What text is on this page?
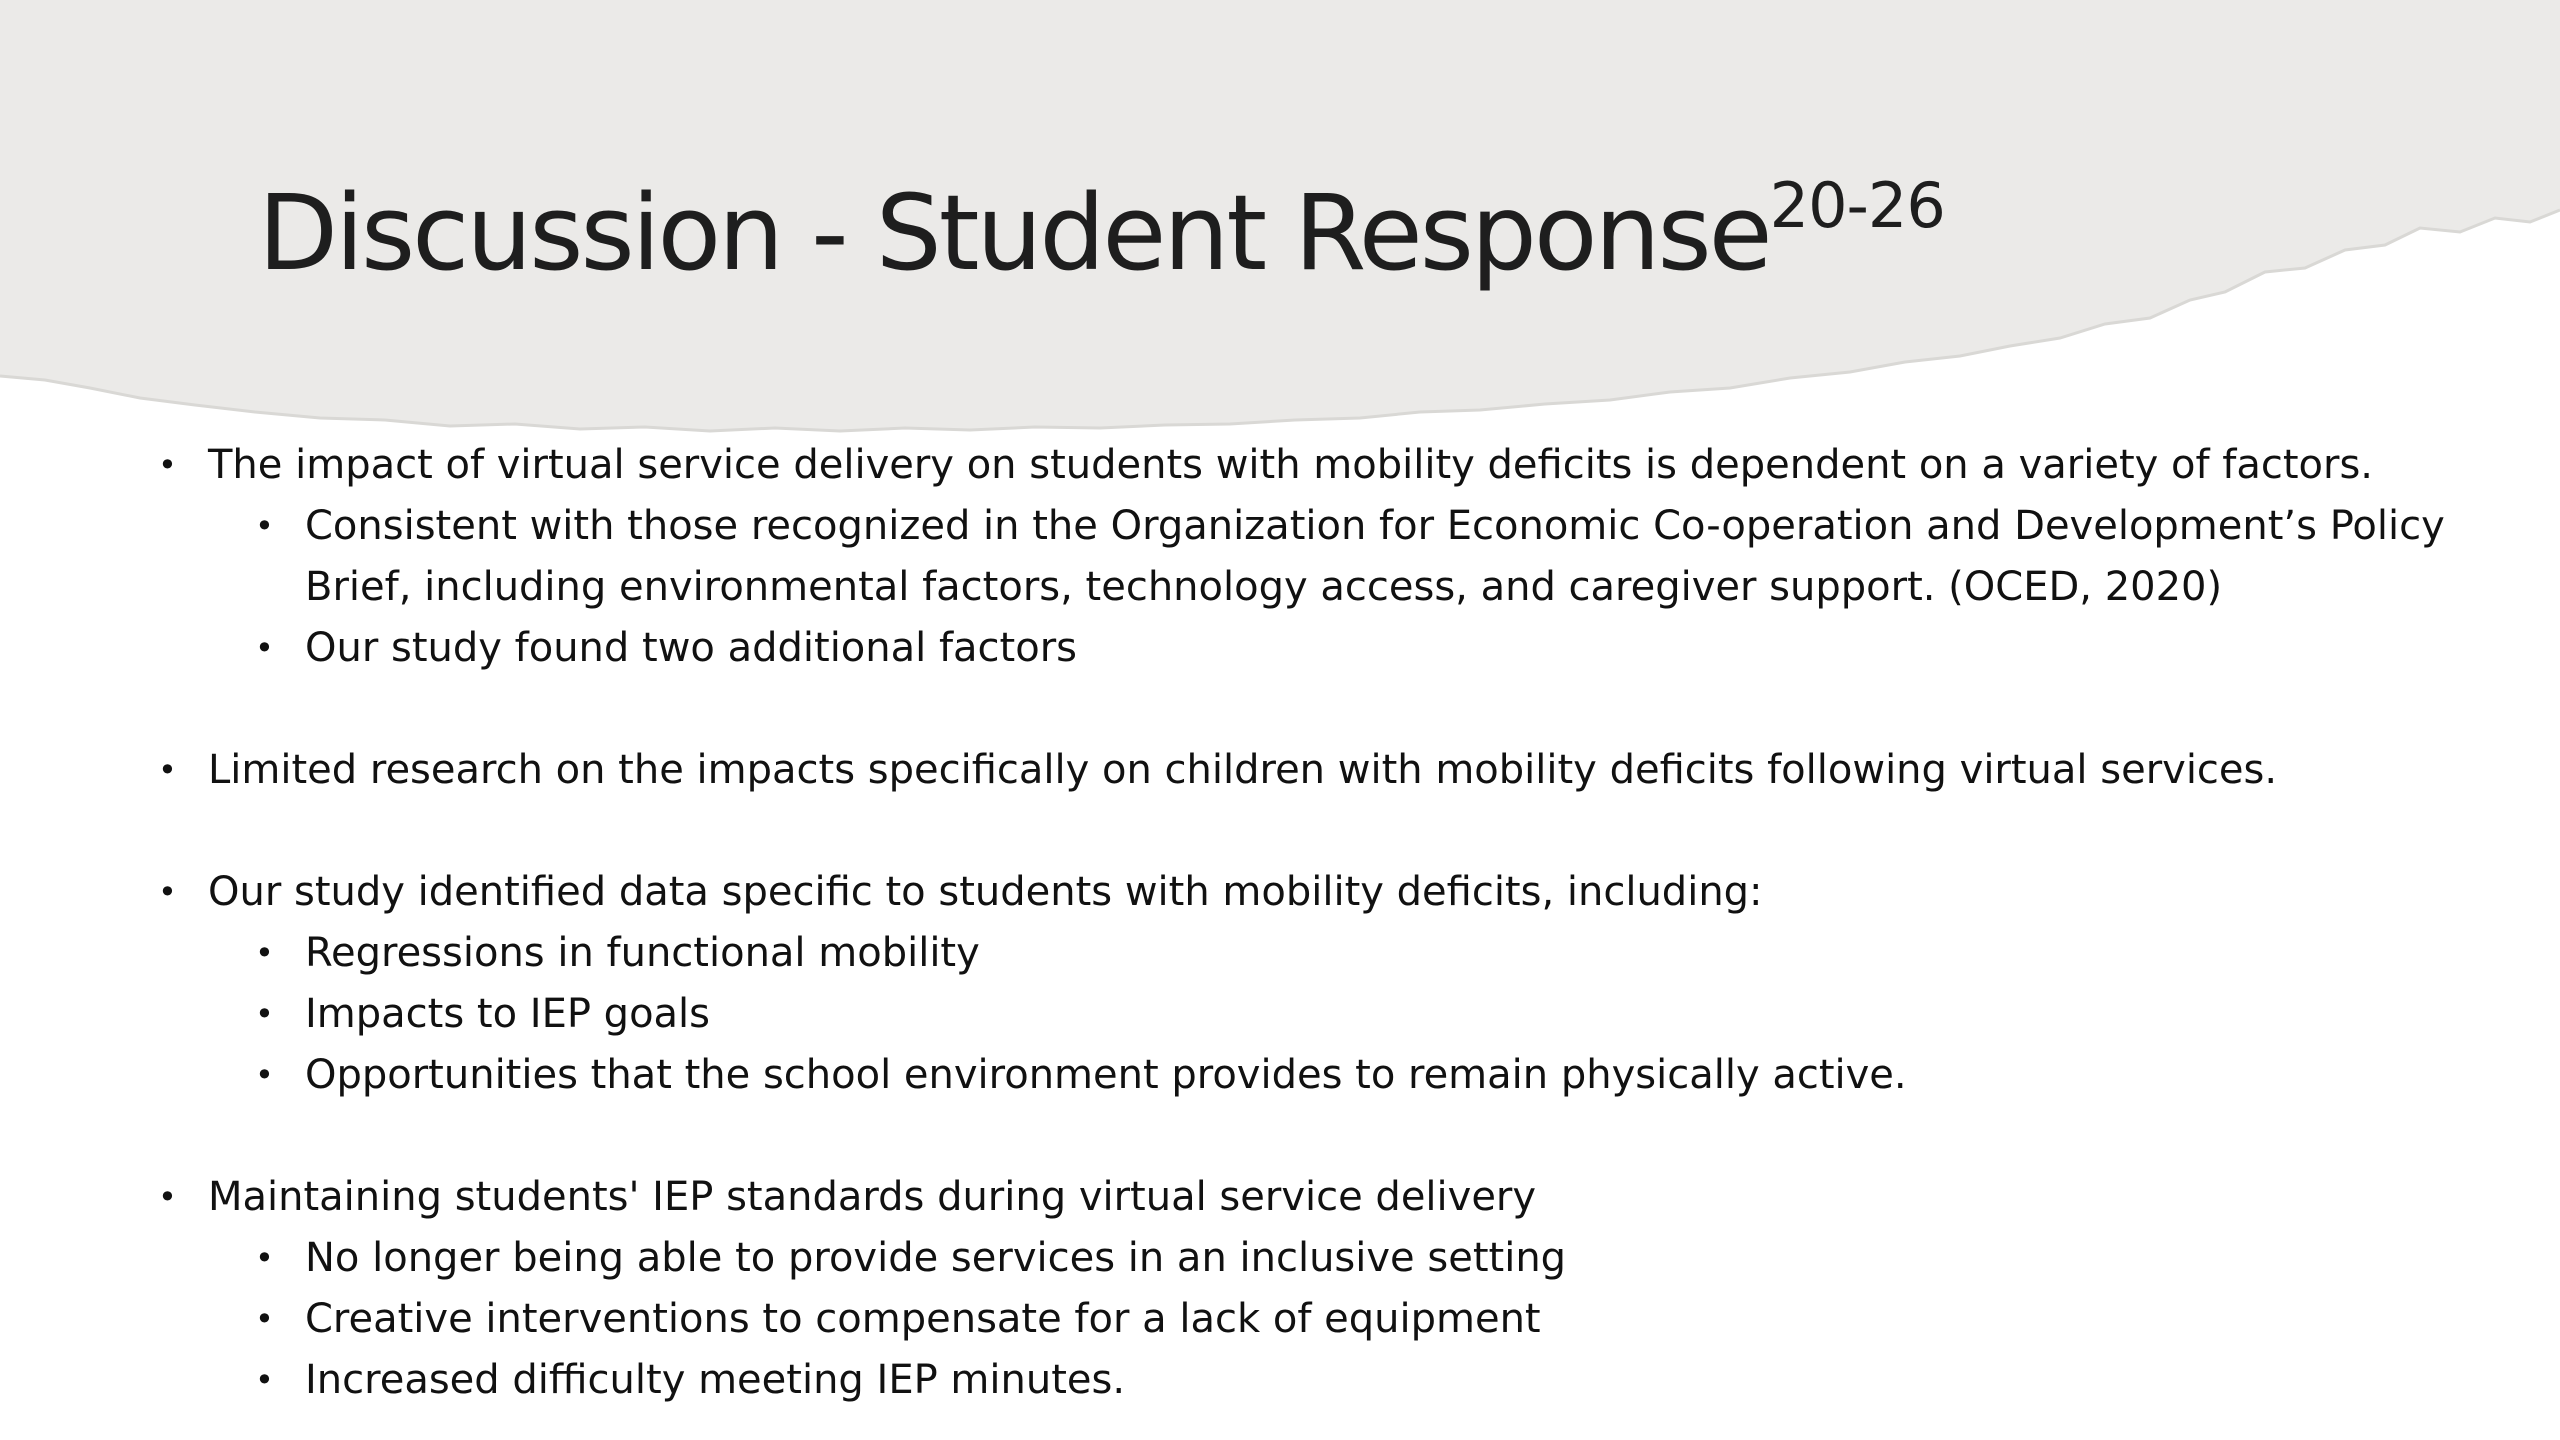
Discussion - Student Response$^{20-26}$
• The impact of virtual service delivery on students with mobility deficits is dependent on a variety of factors.
• Consistent with those recognized in the Organization for Economic Co-operation and Development’s Policy
Brief, including environmental factors, technology access, and caregiver support. (OCED, 2020)
• Our study found two additional factors
• Limited research on the impacts specifically on children with mobility deficits following virtual services.
• Our study identified data specific to students with mobility deficits, including:
• Regressions in functional mobility
• Impacts to IEP goals
• Opportunities that the school environment provides to remain physically active.
• Maintaining students' IEP standards during virtual service delivery
• No longer being able to provide services in an inclusive setting
• Creative interventions to compensate for a lack of equipment
• Increased difficulty meeting IEP minutes.
